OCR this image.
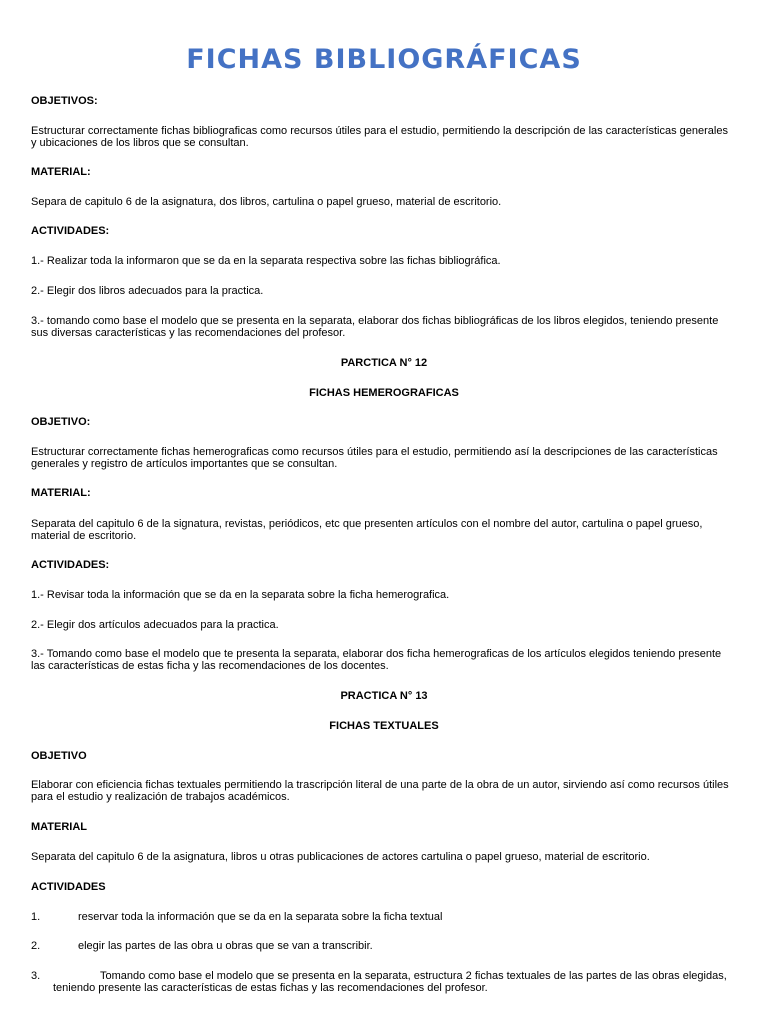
FICHAS BIBLIOGRÁFICAS

OBJETIVOS:

Estructurar correctamente fichas bibliograficas como recursos útiles para el estudio, permitiendo la descripción de las características generales y ubicaciones de los libros que se consultan.

MATERIAL:

Separa de capitulo 6 de la asignatura, dos libros, cartulina o papel grueso, material de escritorio.

ACTIVIDADES:

1.- Realizar toda la informaron que se da en la separata respectiva sobre las fichas bibliográfica.

2.- Elegir dos libros adecuados para la practica.

3.- tomando como base el modelo que se presenta en la separata, elaborar dos fichas bibliográficas de los libros elegidos, teniendo presente sus diversas características y las recomendaciones del profesor.

PARCTICA N° 12

FICHAS HEMEROGRAFICAS

OBJETIVO:

Estructurar correctamente fichas hemerograficas como recursos útiles para el estudio, permitiendo así la descripciones de las características generales y registro de artículos importantes que se consultan.

MATERIAL:

Separata del capitulo 6 de la signatura, revistas, periódicos, etc que presenten artículos con el nombre del autor, cartulina o papel grueso, material de escritorio.

ACTIVIDADES:

1.- Revisar toda la información que se da en la separata sobre la ficha hemerografica.

2.- Elegir dos artículos adecuados para la practica.

3.- Tomando como base el modelo que te presenta la separata, elaborar dos ficha hemerograficas de los artículos elegidos teniendo presente las características de estas ficha y las recomendaciones de los docentes.

PRACTICA N° 13

FICHAS TEXTUALES

OBJETIVO

Elaborar con eficiencia fichas textuales permitiendo la trascripción literal de una parte de la obra de un autor, sirviendo así como recursos útiles para el estudio y realización de trabajos académicos.

MATERIAL

Separata del capitulo 6 de la asignatura, libros u otras publicaciones de actores cartulina o papel grueso, material de escritorio.

ACTIVIDADES

1.	reservar toda la información que se da en la separata sobre la ficha textual

2.	elegir las partes de las obra u obras que se van a transcribir.

3.	Tomando como base el modelo que se presenta en la separata, estructura 2 fichas textuales de las partes de las obras elegidas, teniendo presente las características de estas fichas y las recomendaciones del profesor.
